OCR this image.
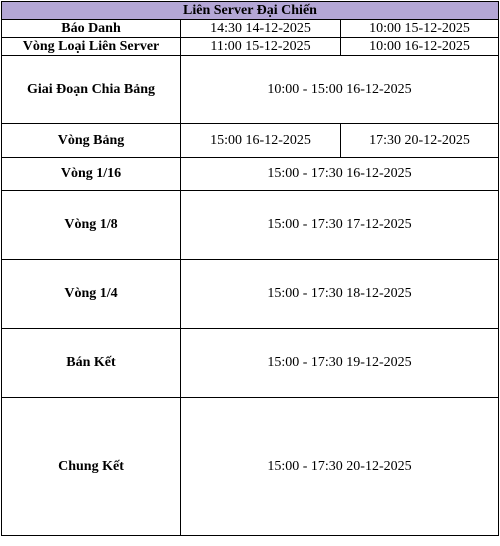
Liên Server Đại Chiến		
Báo Danh	14:30 14-12-2025	10:00 15-12-2025
Vòng Loại Liên Server	11:00 15-12-2025	10:00 16-12-2025
Giai Đoạn Chia Bảng	10:00 - 15:00 16-12-2025	
Vòng Bảng	15:00 16-12-2025	17:30 20-12-2025
Vòng 1/16	15:00 - 17:30 16-12-2025	
Vòng 1/8	15:00 - 17:30 17-12-2025	
Vòng 1/4	15:00 - 17:30 18-12-2025	
Bán Kết	15:00 - 17:30 19-12-2025	
Chung Kết	15:00 - 17:30 20-12-2025	
